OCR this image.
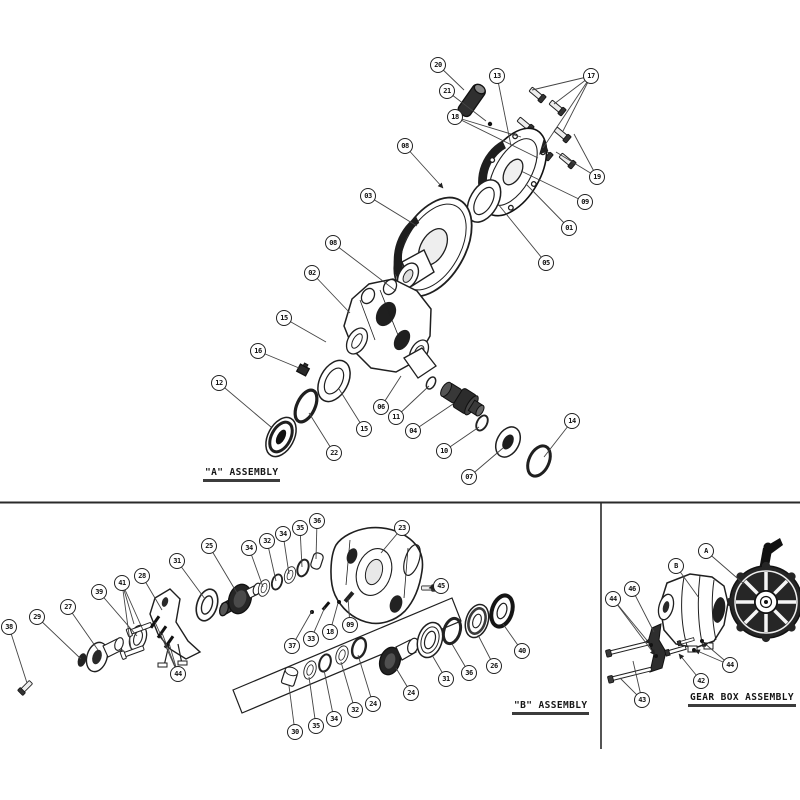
20
21
13	17
18
08
19
09
03
01
08
05
02
15
16
12
06
11
04
15
22	10
07
14
38
29
27
39
41
28
31
25	34
32
34
35
36
23
45
44
37
33
18
09
30
35
34
32
24
24
31
36
26
40
A
B
46
44
44
42
43
"A" ASSEMBLY
"B" ASSEMBLY
GEAR BOX ASSEMBLY
